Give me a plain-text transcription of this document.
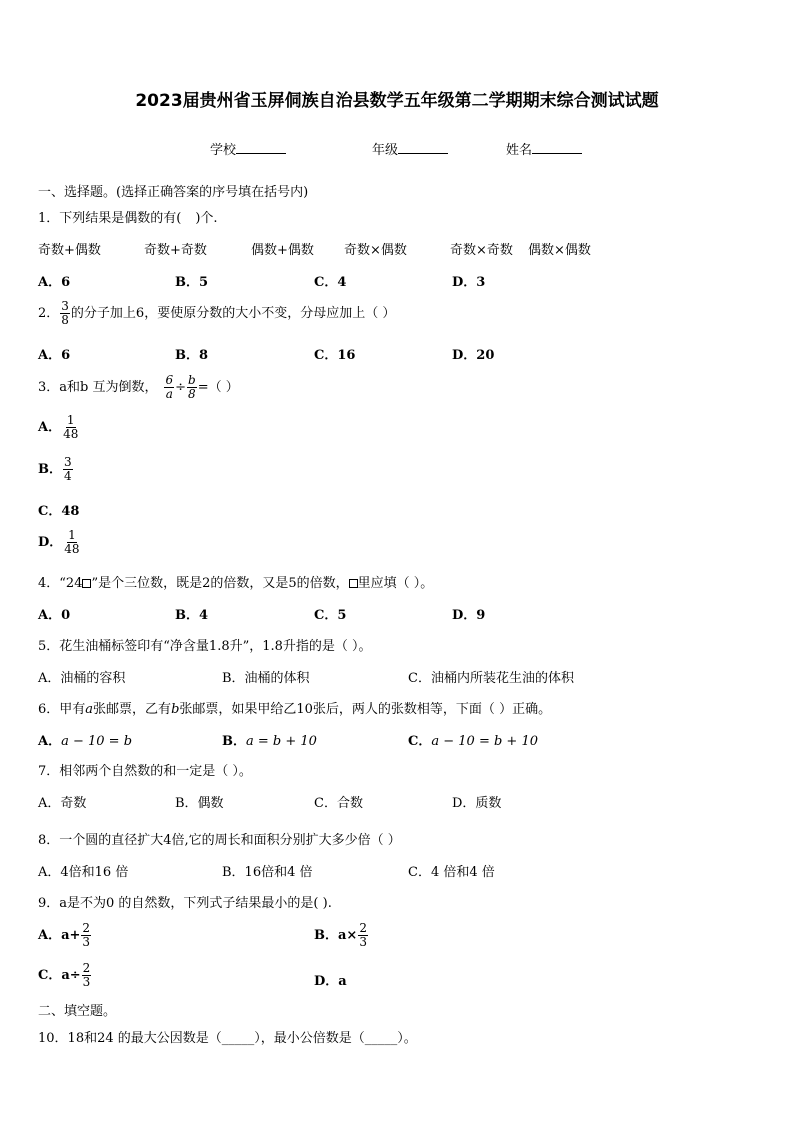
2023届贵州省玉屏侗族自治县数学五年级第二学期期末综合测试试题
学校	年级	姓名
一、选择题。(选择正确答案的序号填在括号内)
1．下列结果是偶数的有( )个.
奇数+偶数	奇数+奇数	偶数+偶数 奇数×偶数	奇数×奇数 偶数×偶数
A．6	B．5	C．4	D．3
2． $\frac{3}{8}$ 的分子加上6，要使原分数的大小不变，分母应加上（ ）
A．6	B．8	C．16	D．20
3．a和b 互为倒数， $\frac{6}{a} \div \frac{b}{8}$ =（ ）
A． $\frac{1}{48}$
B． $\frac{3}{4}$
C．48
D． $\frac{1}{48}$
4．“24 ”是个三位数，既是2的倍数，又是5的倍数， 里应填（ ）。
A．0	B．4	C．5	D．9
5．花生油桶标签印有“净含量1.8升”，1.8升指的是（ ）。
A．油桶的容积	B．油桶的体积	C．油桶内所装花生油的体积
6．甲有a张邮票，乙有b张邮票，如果甲给乙10张后，两人的张数相等，下面（ ）正确。
A．a − 10 = b	B．a = b + 10	C．a − 10 = b + 10
7．相邻两个自然数的和一定是（ ）。
A．奇数	B．偶数	C．合数	D．质数
8．一个圆的直径扩大4倍,它的周长和面积分别扩大多少倍（ ）
A．4倍和16 倍	B．16倍和4 倍	C．4 倍和4 倍
9．a是不为0 的自然数，下列式子结果最小的是( ).
A．$a+ \frac{2}{3}$	B．$a\times \frac{2}{3}$
C．$a\div \frac{2}{3}$	D．a
二、填空题。
10．18和24 的最大公因数是（_____），最小公倍数是（_____）。
